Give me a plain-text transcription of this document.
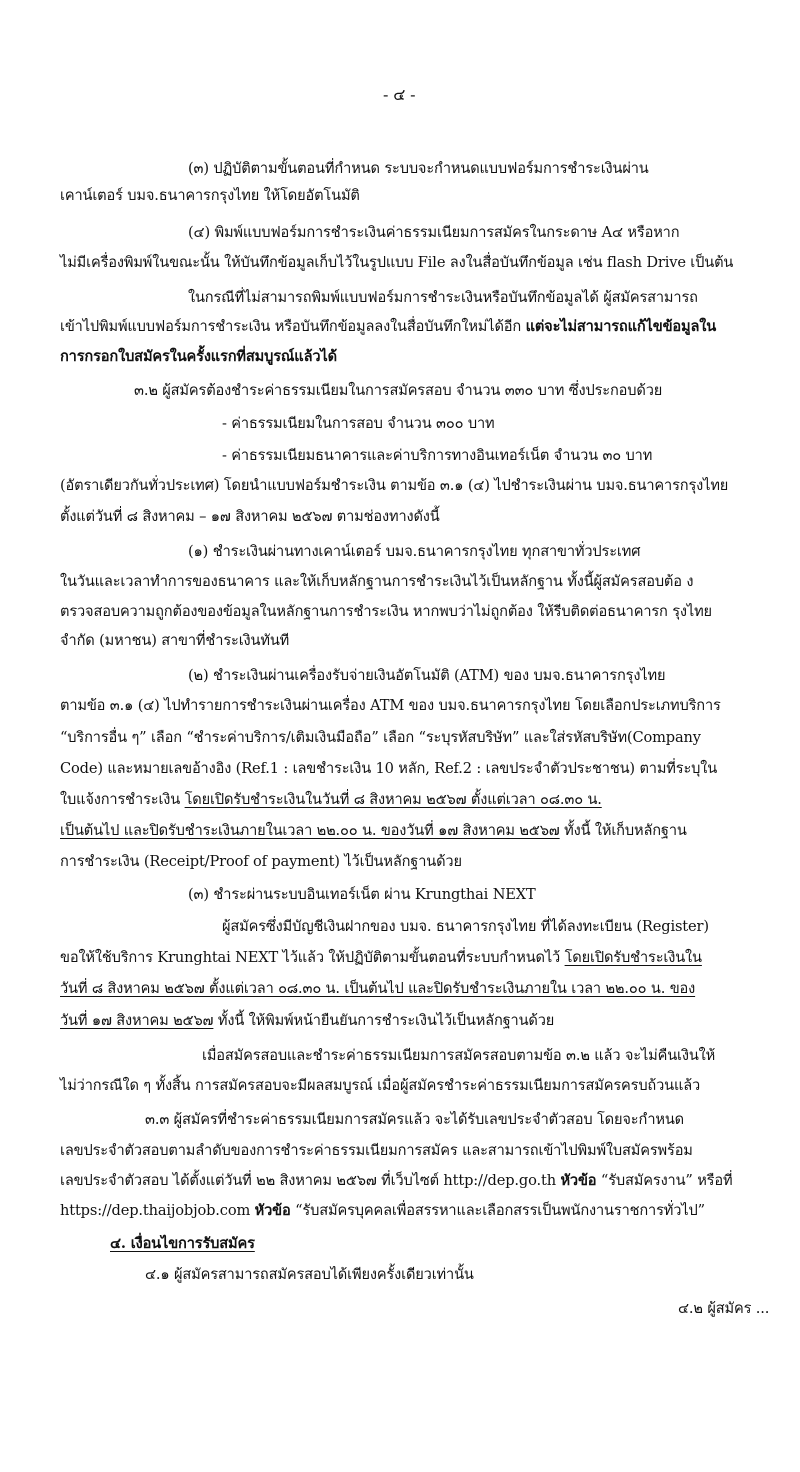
- ๔ -
(๓) ปฏิบัติตามขั้นตอนที่กำหนด ระบบจะกำหนดแบบฟอร์มการชำระเงินผ่าน
เคาน์เตอร์ บมจ.ธนาคารกรุงไทย ให้โดยอัตโนมัติ
(๔) พิมพ์แบบฟอร์มการชำระเงินค่าธรรมเนียมการสมัครในกระดาษ A๔ หรือหาก
ไม่มีเครื่องพิมพ์ในขณะนั้น ให้บันทึกข้อมูลเก็บไว้ในรูปแบบ File ลงในสื่อบันทึกข้อมูล เช่น flash Drive เป็นต้น
ในกรณีที่ไม่สามารถพิมพ์แบบฟอร์มการชำระเงินหรือบันทึกข้อมูลได้ ผู้สมัครสามารถ
เข้าไปพิมพ์แบบฟอร์มการชำระเงิน หรือบันทึกข้อมูลลงในสื่อบันทึกใหม่ได้อีก แต่จะไม่สามารถแก้ไขข้อมูลใน
การกรอกใบสมัครในครั้งแรกที่สมบูรณ์แล้วได้
๓.๒ ผู้สมัครต้องชำระค่าธรรมเนียมในการสมัครสอบ จำนวน ๓๓๐ บาท ซึ่งประกอบด้วย
- ค่าธรรมเนียมในการสอบ จำนวน ๓๐๐ บาท
- ค่าธรรมเนียมธนาคารและค่าบริการทางอินเทอร์เน็ต จำนวน ๓๐ บาท
(อัตราเดียวกันทั่วประเทศ) โดยนำแบบฟอร์มชำระเงิน ตามข้อ ๓.๑ (๔) ไปชำระเงินผ่าน บมจ.ธนาคารกรุงไทย
ตั้งแต่วันที่ ๘ สิงหาคม – ๑๗ สิงหาคม ๒๕๖๗ ตามช่องทางดังนี้
(๑) ชำระเงินผ่านทางเคาน์เตอร์ บมจ.ธนาคารกรุงไทย ทุกสาขาทั่วประเทศ
ในวันและเวลาทำการของธนาคาร และให้เก็บหลักฐานการชำระเงินไว้เป็นหลักฐาน ทั้งนี้ผู้สมัครสอบต้อ ง
ตรวจสอบความถูกต้องของข้อมูลในหลักฐานการชำระเงิน หากพบว่าไม่ถูกต้อง ให้รีบติดต่อธนาคารก รุงไทย
จำกัด (มหาชน) สาขาที่ชำระเงินทันที
(๒) ชำระเงินผ่านเครื่องรับจ่ายเงินอัตโนมัติ (ATM) ของ บมจ.ธนาคารกรุงไทย
ตามข้อ ๓.๑ (๔) ไปทำรายการชำระเงินผ่านเครื่อง ATM ของ บมจ.ธนาคารกรุงไทย โดยเลือกประเภทบริการ
“บริการอื่น ๆ” เลือก “ชำระค่าบริการ/เติมเงินมือถือ” เลือก “ระบุรหัสบริษัท” และใส่รหัสบริษัท(Company
Code) และหมายเลขอ้างอิง (Ref.1 : เลขชำระเงิน 10 หลัก, Ref.2 : เลขประจำตัวประชาชน) ตามที่ระบุใน
ใบแจ้งการชำระเงิน โดยเปิดรับชำระเงินในวันที่ ๘ สิงหาคม ๒๕๖๗ ตั้งแต่เวลา ๐๘.๓๐ น.
เป็นต้นไป และปิดรับชำระเงินภายในเวลา ๒๒.๐๐ น. ของวันที่ ๑๗ สิงหาคม ๒๕๖๗ ทั้งนี้ ให้เก็บหลักฐาน
การชำระเงิน (Receipt/Proof of payment) ไว้เป็นหลักฐานด้วย
(๓) ชำระผ่านระบบอินเทอร์เน็ต ผ่าน Krungthai NEXT
ผู้สมัครซึ่งมีบัญชีเงินฝากของ บมจ. ธนาคารกรุงไทย ที่ได้ลงทะเบียน (Register)
ขอให้ใช้บริการ Krunghtai NEXT ไว้แล้ว ให้ปฏิบัติตามขั้นตอนที่ระบบกำหนดไว้ โดยเปิดรับชำระเงินใน
วันที่ ๘ สิงหาคม ๒๕๖๗ ตั้งแต่เวลา ๐๘.๓๐ น. เป็นต้นไป และปิดรับชำระเงินภายใน เวลา ๒๒.๐๐ น. ของ
วันที่ ๑๗ สิงหาคม ๒๕๖๗ ทั้งนี้ ให้พิมพ์หน้ายืนยันการชำระเงินไว้เป็นหลักฐานด้วย
เมื่อสมัครสอบและชำระค่าธรรมเนียมการสมัครสอบตามข้อ ๓.๒ แล้ว จะไม่คืนเงินให้
ไม่ว่ากรณีใด ๆ ทั้งสิ้น การสมัครสอบจะมีผลสมบูรณ์ เมื่อผู้สมัครชำระค่าธรรมเนียมการสมัครครบถ้วนแล้ว
๓.๓ ผู้สมัครที่ชำระค่าธรรมเนียมการสมัครแล้ว จะได้รับเลขประจำตัวสอบ โดยจะกำหนด
เลขประจำตัวสอบตามลำดับของการชำระค่าธรรมเนียมการสมัคร และสามารถเข้าไปพิมพ์ใบสมัครพร้อม
เลขประจำตัวสอบ ได้ตั้งแต่วันที่ ๒๒ สิงหาคม ๒๕๖๗ ที่เว็บไซต์ http://dep.go.th หัวข้อ “รับสมัครงาน” หรือที่
https://dep.thaijobjob.com หัวข้อ “รับสมัครบุคคลเพื่อสรรหาและเลือกสรรเป็นพนักงานราชการทั่วไป”
๔. เงื่อนไขการรับสมัคร
๔.๑ ผู้สมัครสามารถสมัครสอบได้เพียงครั้งเดียวเท่านั้น
๔.๒ ผู้สมัคร ...
